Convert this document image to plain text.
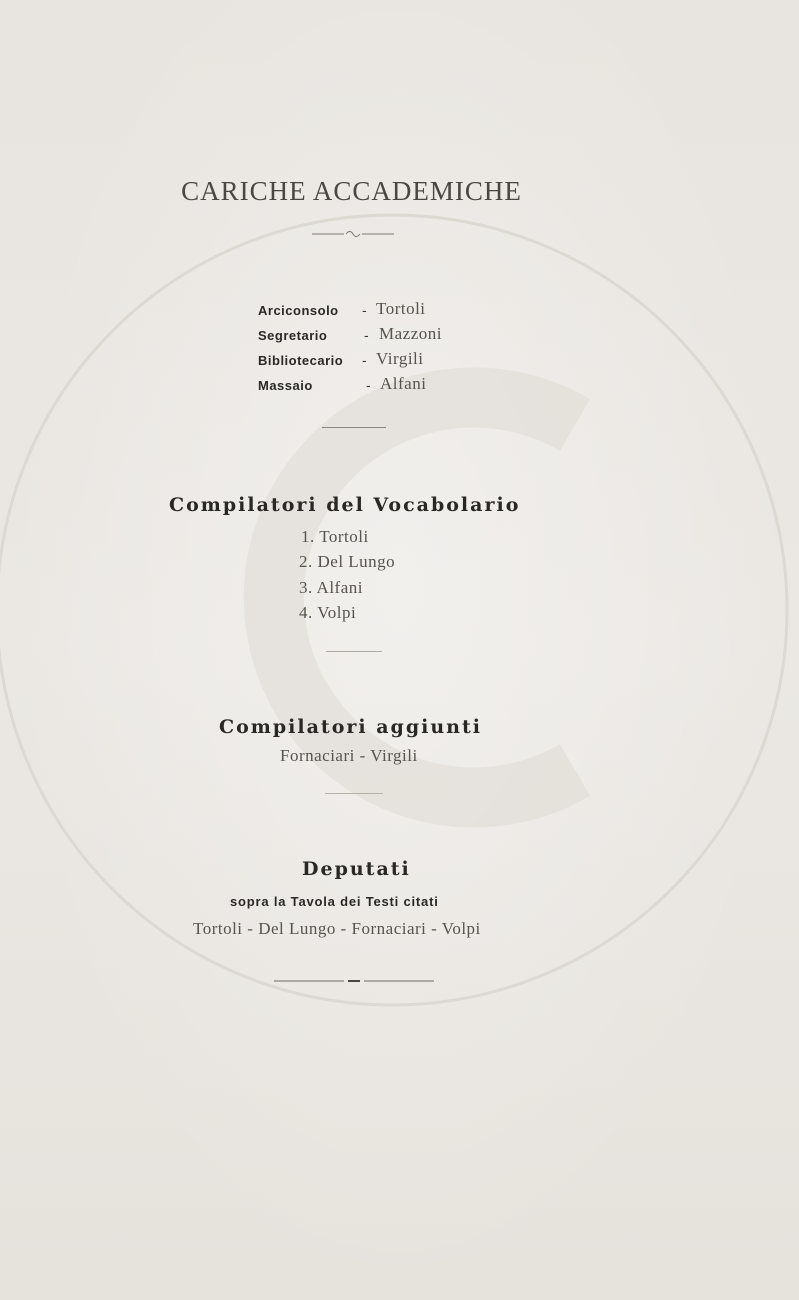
CARICHE ACCADEMICHE
Arciconsolo - Tortoli
Segretario	- Mazzoni
Bibliotecario - Virgili
Massaio	- Alfani
Compilatori del Vocabolario
1. Tortoli
2. Del Lungo
3. Alfani
4. Volpi
Compilatori aggiunti
Fornaciari - Virgili
Deputati
sopra la Tavola dei Testi citati
Tortoli - Del Lungo - Fornaciari - Volpi
